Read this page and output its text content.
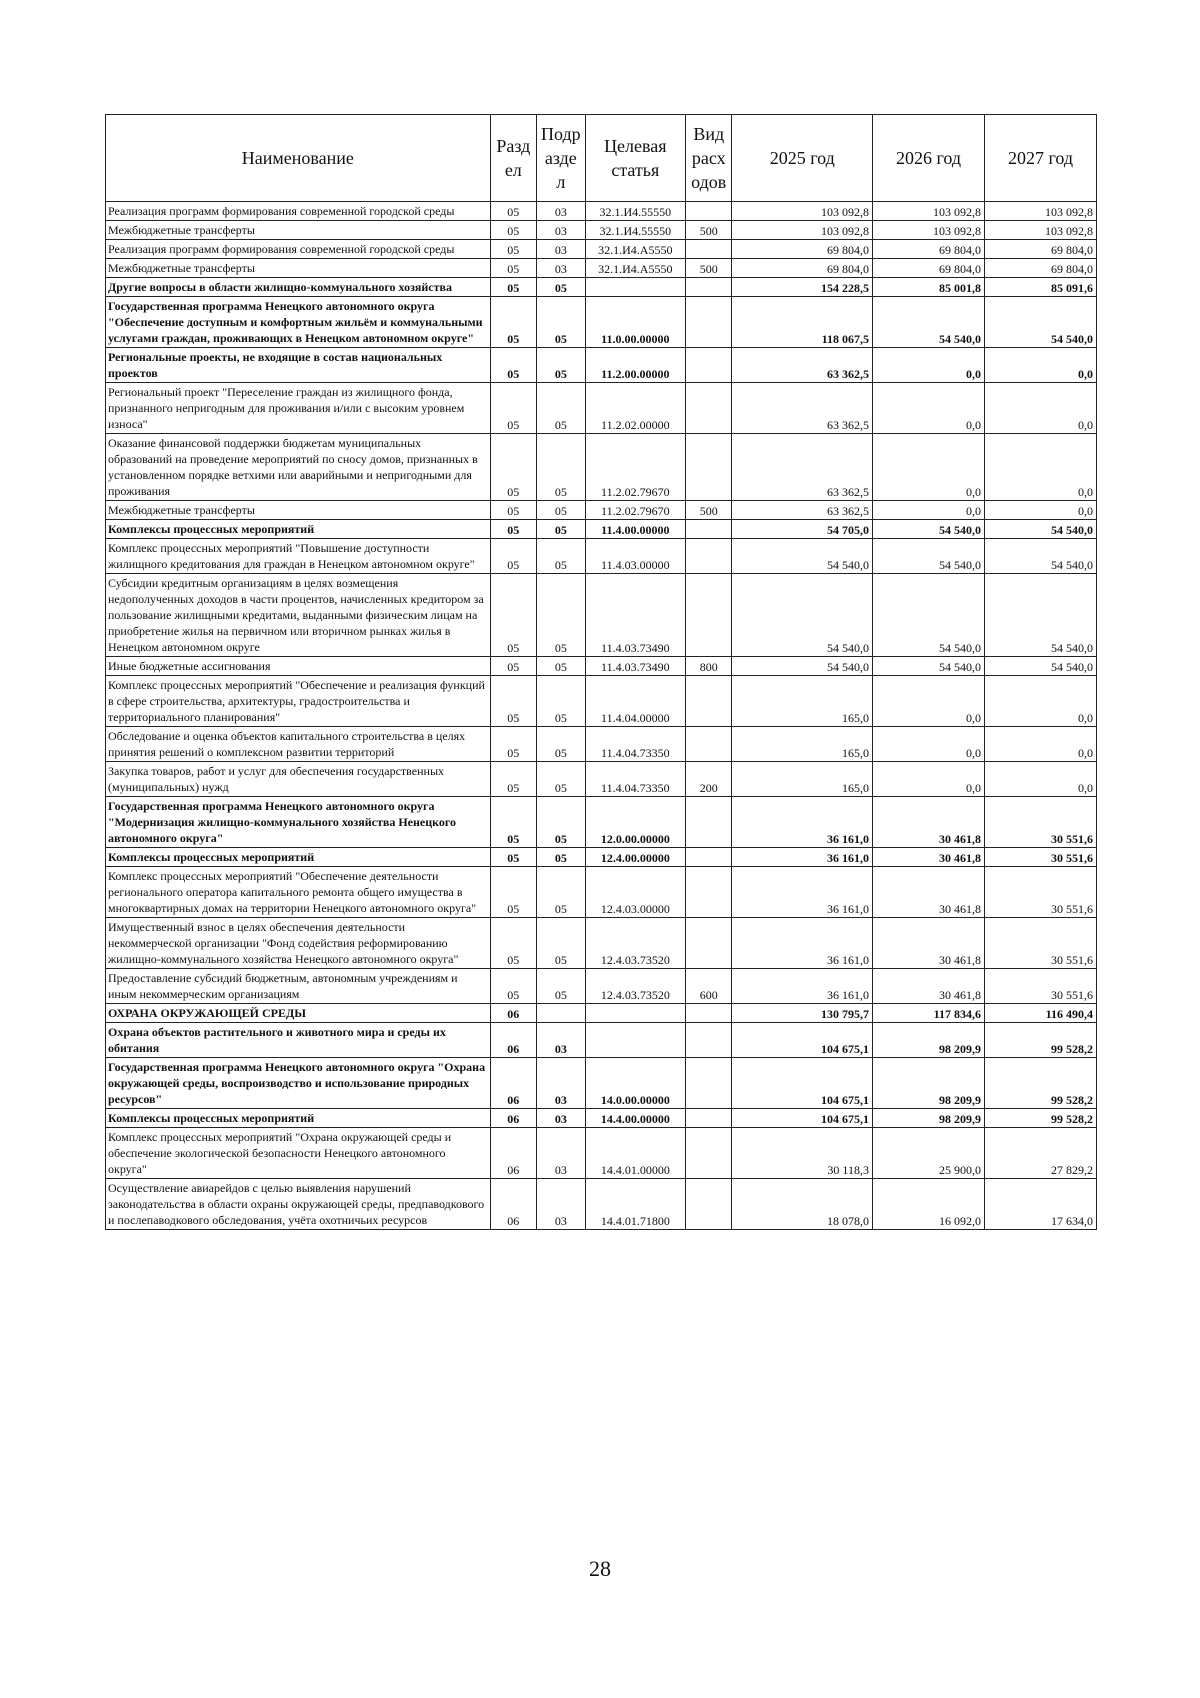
Наименование	Разд ел	Подр азде л	Целевая статья	Вид расх одов	2025 год	2026 год	2027 год
Реализация программ формирования современной городской среды	05	03	32.1.И4.55550		103 092,8	103 092,8	103 092,8
Межбюджетные трансферты	05	03	32.1.И4.55550	500	103 092,8	103 092,8	103 092,8
Реализация программ формирования современной городской среды	05	03	32.1.И4.А5550		69 804,0	69 804,0	69 804,0
Межбюджетные трансферты	05	03	32.1.И4.А5550	500	69 804,0	69 804,0	69 804,0
Другие вопросы в области жилищно-коммунального хозяйства	05	05			154 228,5	85 001,8	85 091,6
Государственная программа Ненецкого автономного округа "Обеспечение доступным и комфортным жильём и коммунальными услугами граждан, проживающих в Ненецком автономном округе"	05	05	11.0.00.00000		118 067,5	54 540,0	54 540,0
Региональные проекты, не входящие в состав национальных проектов	05	05	11.2.00.00000		63 362,5	0,0	0,0
Региональный проект "Переселение граждан из жилищного фонда, признанного непригодным для проживания и/или с высоким уровнем износа"	05	05	11.2.02.00000		63 362,5	0,0	0,0
Оказание финансовой поддержки бюджетам муниципальных образований на проведение мероприятий по сносу домов, признанных в установленном порядке ветхими или аварийными и непригодными для проживания	05	05	11.2.02.79670		63 362,5	0,0	0,0
Межбюджетные трансферты	05	05	11.2.02.79670	500	63 362,5	0,0	0,0
Комплексы процессных мероприятий	05	05	11.4.00.00000		54 705,0	54 540,0	54 540,0
Комплекс процессных мероприятий "Повышение доступности жилищного кредитования для граждан в Ненецком автономном округе"	05	05	11.4.03.00000		54 540,0	54 540,0	54 540,0
Субсидии кредитным организациям в целях возмещения недополученных доходов в части процентов, начисленных кредитором за пользование жилищными кредитами, выданными физическим лицам на приобретение жилья на первичном или вторичном рынках жилья в Ненецком автономном округе	05	05	11.4.03.73490		54 540,0	54 540,0	54 540,0
Иные бюджетные ассигнования	05	05	11.4.03.73490	800	54 540,0	54 540,0	54 540,0
Комплекс процессных мероприятий "Обеспечение и реализация функций в сфере строительства, архитектуры, градостроительства и территориального планирования"	05	05	11.4.04.00000		165,0	0,0	0,0
Обследование и оценка объектов капитального строительства в целях принятия решений о комплексном развитии территорий	05	05	11.4.04.73350		165,0	0,0	0,0
Закупка товаров, работ и услуг для обеспечения государственных (муниципальных) нужд	05	05	11.4.04.73350	200	165,0	0,0	0,0
Государственная программа Ненецкого автономного округа "Модернизация жилищно-коммунального хозяйства Ненецкого автономного округа"	05	05	12.0.00.00000		36 161,0	30 461,8	30 551,6
Комплексы процессных мероприятий	05	05	12.4.00.00000		36 161,0	30 461,8	30 551,6
Комплекс процессных мероприятий "Обеспечение деятельности регионального оператора капитального ремонта общего имущества в многоквартирных домах на территории Ненецкого автономного округа"	05	05	12.4.03.00000		36 161,0	30 461,8	30 551,6
Имущественный взнос в целях обеспечения деятельности некоммерческой организации "Фонд содействия реформированию жилищно-коммунального хозяйства Ненецкого автономного округа"	05	05	12.4.03.73520		36 161,0	30 461,8	30 551,6
Предоставление субсидий бюджетным, автономным учреждениям и иным некоммерческим организациям	05	05	12.4.03.73520	600	36 161,0	30 461,8	30 551,6
ОХРАНА ОКРУЖАЮЩЕЙ СРЕДЫ	06				130 795,7	117 834,6	116 490,4
Охрана объектов растительного и животного мира и среды их обитания	06	03			104 675,1	98 209,9	99 528,2
Государственная программа Ненецкого автономного округа "Охрана окружающей среды, воспроизводство и использование природных ресурсов"	06	03	14.0.00.00000		104 675,1	98 209,9	99 528,2
Комплексы процессных мероприятий	06	03	14.4.00.00000		104 675,1	98 209,9	99 528,2
Комплекс процессных мероприятий "Охрана окружающей среды и обеспечение экологической безопасности Ненецкого автономного округа"	06	03	14.4.01.00000		30 118,3	25 900,0	27 829,2
Осуществление авиарейдов с целью выявления нарушений законодательства в области охраны окружающей среды, предпаводкового и послепаводкового обследования, учёта охотничьих ресурсов	06	03	14.4.01.71800		18 078,0	16 092,0	17 634,0
28
